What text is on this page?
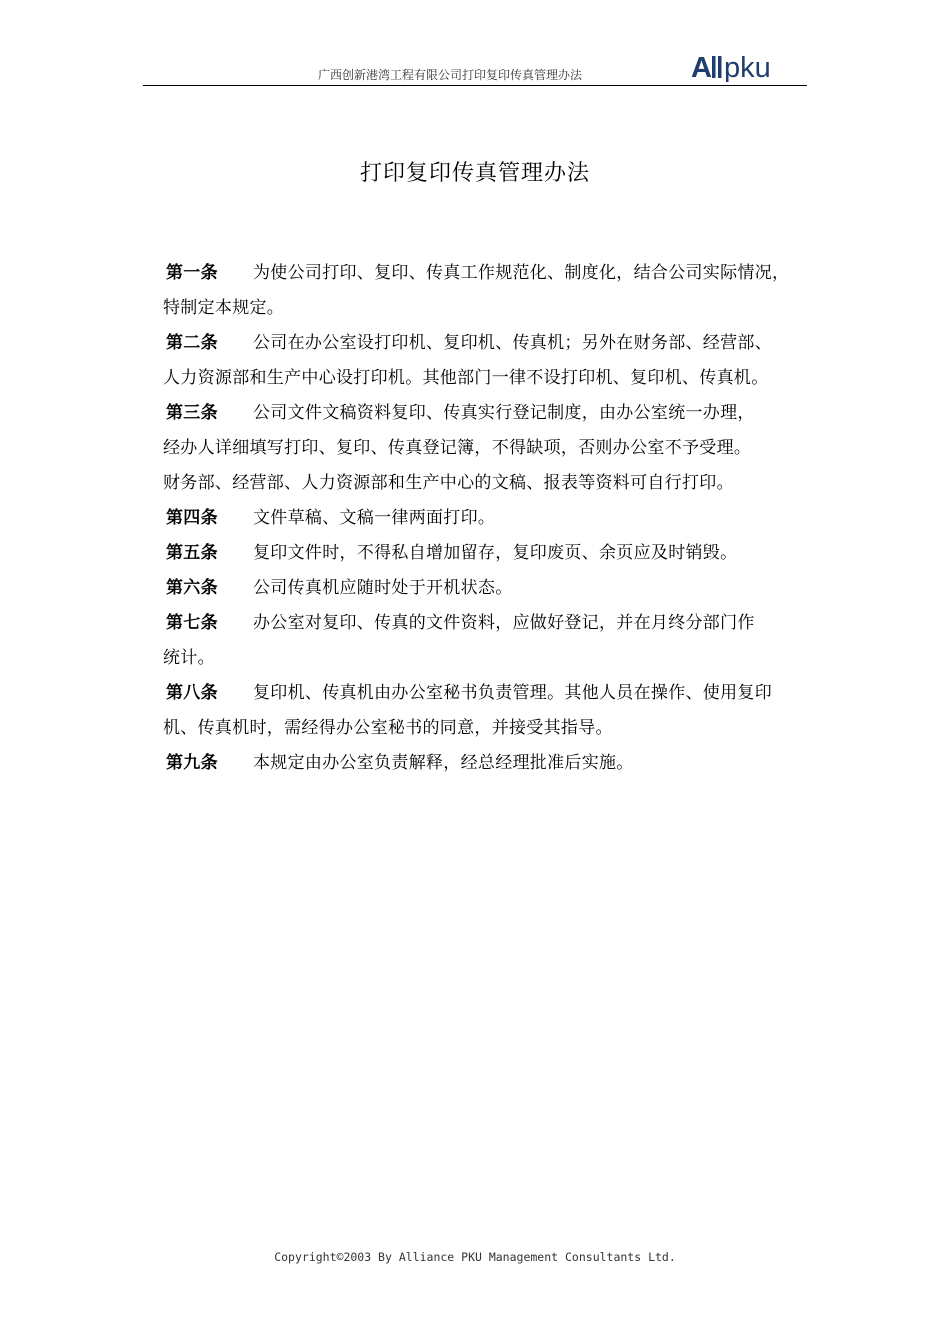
广西创新港湾工程有限公司打印复印传真管理办法	A pku
打印复印传真管理办法

第一条 为使公司打印、复印、传真工作规范化、制度化，结合公司实际情况，
特制定本规定。

第二条 公司在办公室设打印机、复印机、传真机；另外在财务部、经营部、
人力资源部和生产中心设打印机。其他部门一律不设打印机、复印机、传真机。

第三条 公司文件文稿资料复印、传真实行登记制度，由办公室统一办理，
经办人详细填写打印、复印、传真登记簿，不得缺项，否则办公室不予受理。
财务部、经营部、人力资源部和生产中心的文稿、报表等资料可自行打印。

第四条 文件草稿、文稿一律两面打印。

第五条 复印文件时，不得私自增加留存，复印废页、余页应及时销毁。

第六条 公司传真机应随时处于开机状态。

第七条 办公室对复印、传真的文件资料，应做好登记，并在月终分部门作
统计。

第八条 复印机、传真机由办公室秘书负责管理。其他人员在操作、使用复印
机、传真机时，需经得办公室秘书的同意，并接受其指导。

第九条 本规定由办公室负责解释，经总经理批准后实施。

Copyright©2003 By Alliance PKU Management Consultants Ltd.
